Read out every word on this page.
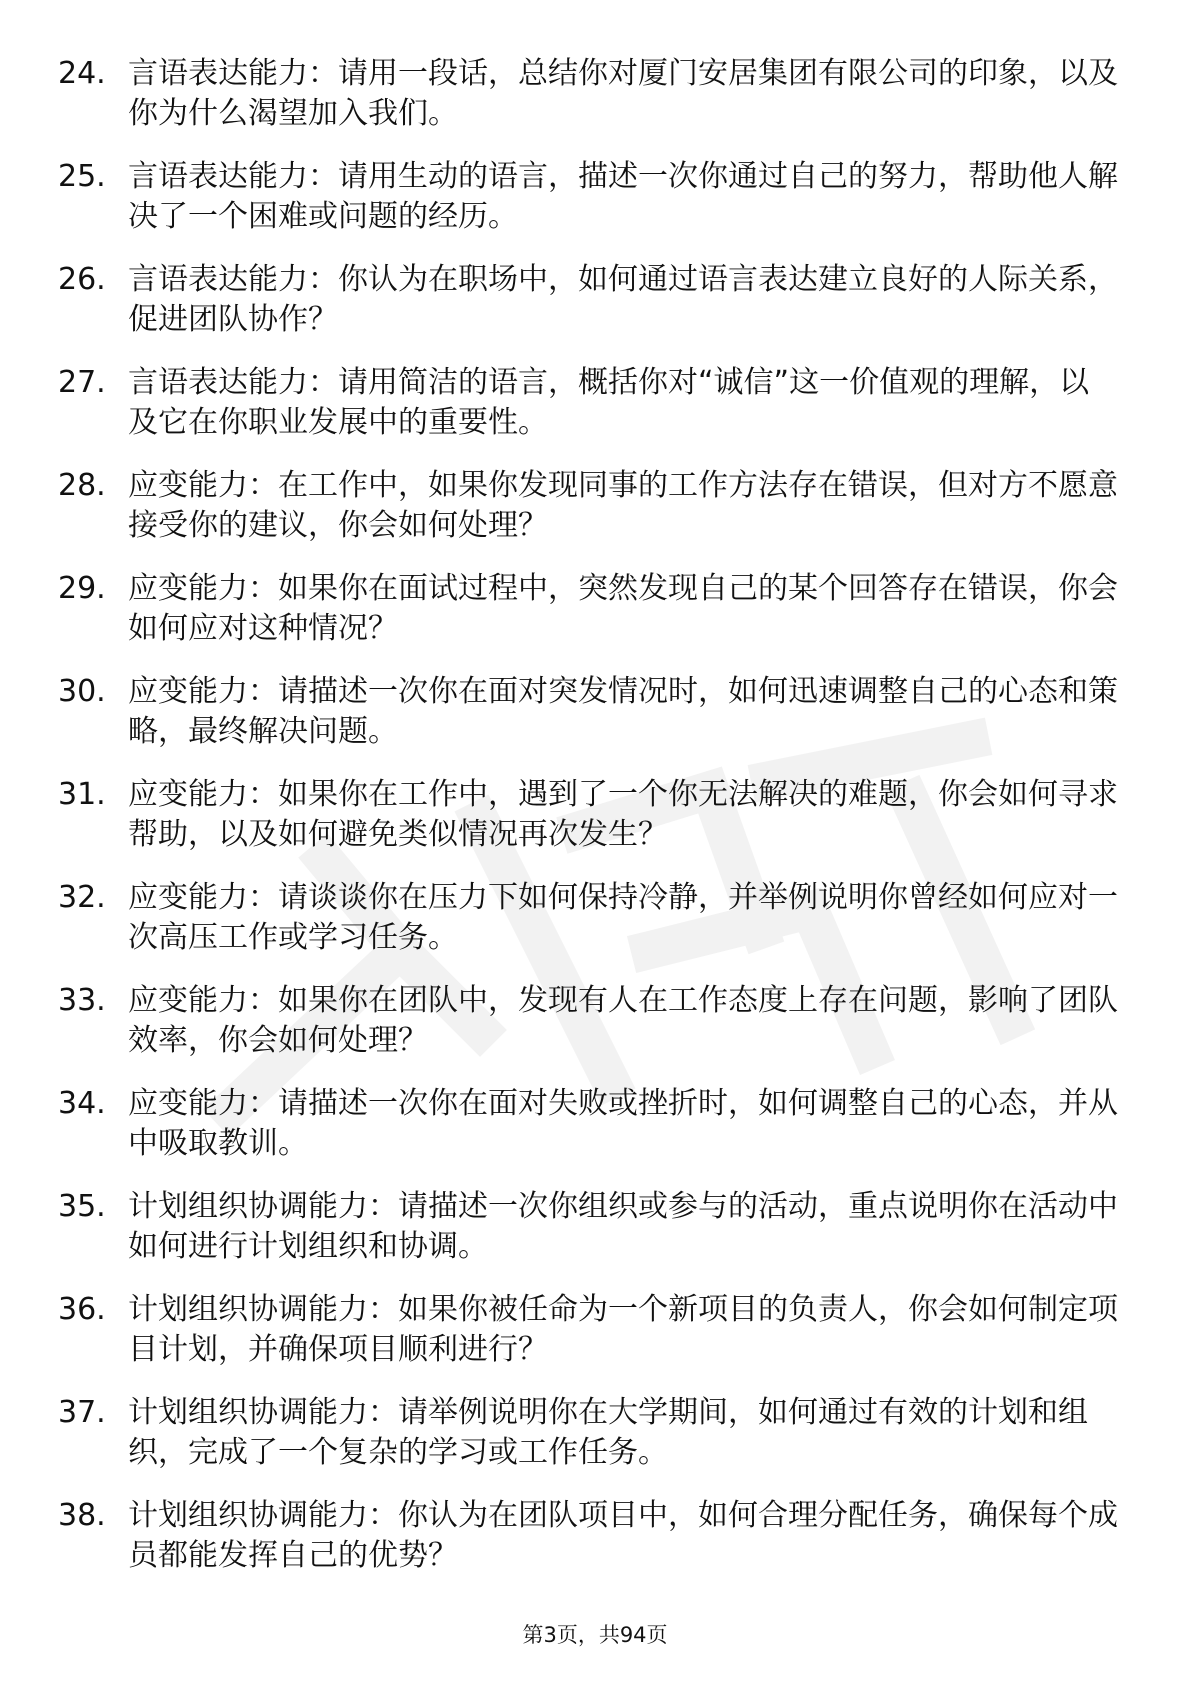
24. 言语表达能力：请用一段话，总结你对厦门安居集团有限公司的印象，以及你为什么渴望加入我们。
25. 言语表达能力：请用生动的语言，描述一次你通过自己的努力，帮助他人解决了一个困难或问题的经历。
26. 言语表达能力：你认为在职场中，如何通过语言表达建立良好的人际关系，促进团队协作？
27. 言语表达能力：请用简洁的语言，概括你对“诚信”这一价值观的理解，以及它在你职业发展中的重要性。
28. 应变能力：在工作中，如果你发现同事的工作方法存在错误，但对方不愿意接受你的建议，你会如何处理？
29. 应变能力：如果你在面试过程中，突然发现自己的某个回答存在错误，你会如何应对这种情况？
30. 应变能力：请描述一次你在面对突发情况时，如何迅速调整自己的心态和策略，最终解决问题。
31. 应变能力：如果你在工作中，遇到了一个你无法解决的难题，你会如何寻求帮助，以及如何避免类似情况再次发生？
32. 应变能力：请谈谈你在压力下如何保持冷静，并举例说明你曾经如何应对一次高压工作或学习任务。
33. 应变能力：如果你在团队中，发现有人在工作态度上存在问题，影响了团队效率，你会如何处理？
34. 应变能力：请描述一次你在面对失败或挫折时，如何调整自己的心态，并从中吸取教训。
35. 计划组织协调能力：请描述一次你组织或参与的活动，重点说明你在活动中如何进行计划组织和协调。
36. 计划组织协调能力：如果你被任命为一个新项目的负责人，你会如何制定项目计划，并确保项目顺利进行？
37. 计划组织协调能力：请举例说明你在大学期间，如何通过有效的计划和组织，完成了一个复杂的学习或工作任务。
38. 计划组织协调能力：你认为在团队项目中，如何合理分配任务，确保每个成员都能发挥自己的优势？
第3页，共94页
